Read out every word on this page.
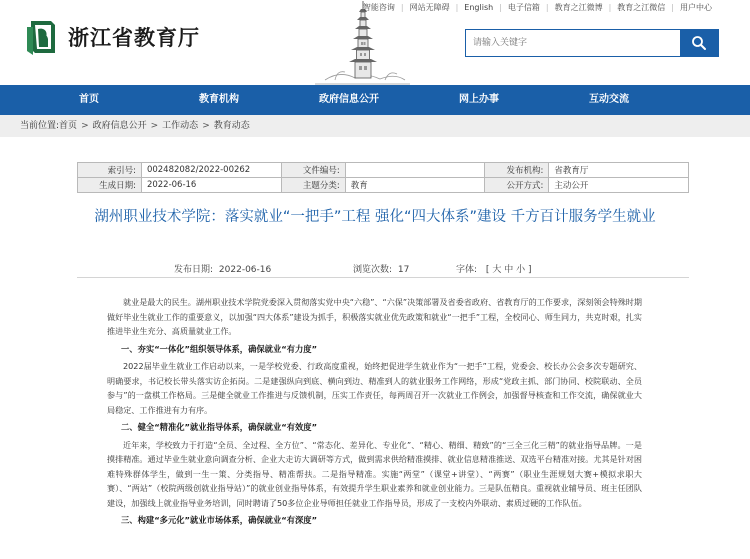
浙江省教育厅
智能咨询 | 网站无障碍 | English | 电子信箱 | 教育之江微博 | 教育之江微信 | 用户中心
请输入关键字
首页	教育机构	政府信息公开	网上办事	互动交流
当前位置: 首页 > 政府信息公开 > 工作动态 > 教育动态
索引号:	002482082/2022-00262	文件编号:		发布机构:	省教育厅
生成日期:	2022-06-16	主题分类:	教育	公开方式:	主动公开
湖州职业技术学院：落实就业“一把手”工程 强化“四大体系”建设 千方百计服务学生就业
发布日期: 2022-06-16	浏览次数: 17	字体: [ 大 中 小 ]

就业是最大的民生。湖州职业技术学院党委深入贯彻落实党中央“六稳”、“六保”决策部署及省委省政府、省教育厅的工作要求，深刻领会特殊时期做好毕业生就业工作的重要意义，以加强“四大体系”建设为抓手，积极落实就业优先政策和就业“一把手”工程，全校同心、师生同力，共克时艰，扎实推进毕业生充分、高质量就业工作。

一、夯实“一体化”组织领导体系，确保就业“有力度”

2022届毕业生就业工作启动以来，一是学校党委、行政高度重视，始终把促进学生就业作为“一把手”工程，党委会、校长办公会多次专题研究、明确要求，书记校长带头落实访企拓岗。二是建强纵向到底、横向到边、精准到人的就业服务工作网络，形成“党政主抓、部门协同、校院联动、全员参与”的一盘棋工作格局。三是健全就业工作推进与反馈机制，压实工作责任，每两周召开一次就业工作例会，加强督导核查和工作交流，确保就业大局稳定、工作推进有力有序。

二、健全“精准化”就业指导体系，确保就业“有效度”

近年来，学校致力于打造“全员、全过程、全方位”、“常态化、差异化、专业化”、“精心、精细、精致”的“三全三化三精”的就业指导品牌。一是摸排精准。通过毕业生就业意向调查分析、企业大走访大调研等方式，做到需求供给精准摸排、就业信息精准推送、双选平台精准对接。尤其是针对困难特殊群体学生，做到一生一策、分类指导、精准帮扶。二是指导精准。实施“两堂”（课堂+讲堂）、“两赛”（职业生涯规划大赛+模拟求职大赛）、“两站”（校院两级创就业指导站）”的就业创业指导体系，有效提升学生职业素养和就业创业能力。三是队伍精良。重视就业辅导员、班主任团队建设，加强线上就业指导业务培训，同时聘请了50多位企业导师担任就业工作指导员，形成了一支校内外联动、素质过硬的工作队伍。

三、构建“多元化”就业市场体系，确保就业“有深度”
